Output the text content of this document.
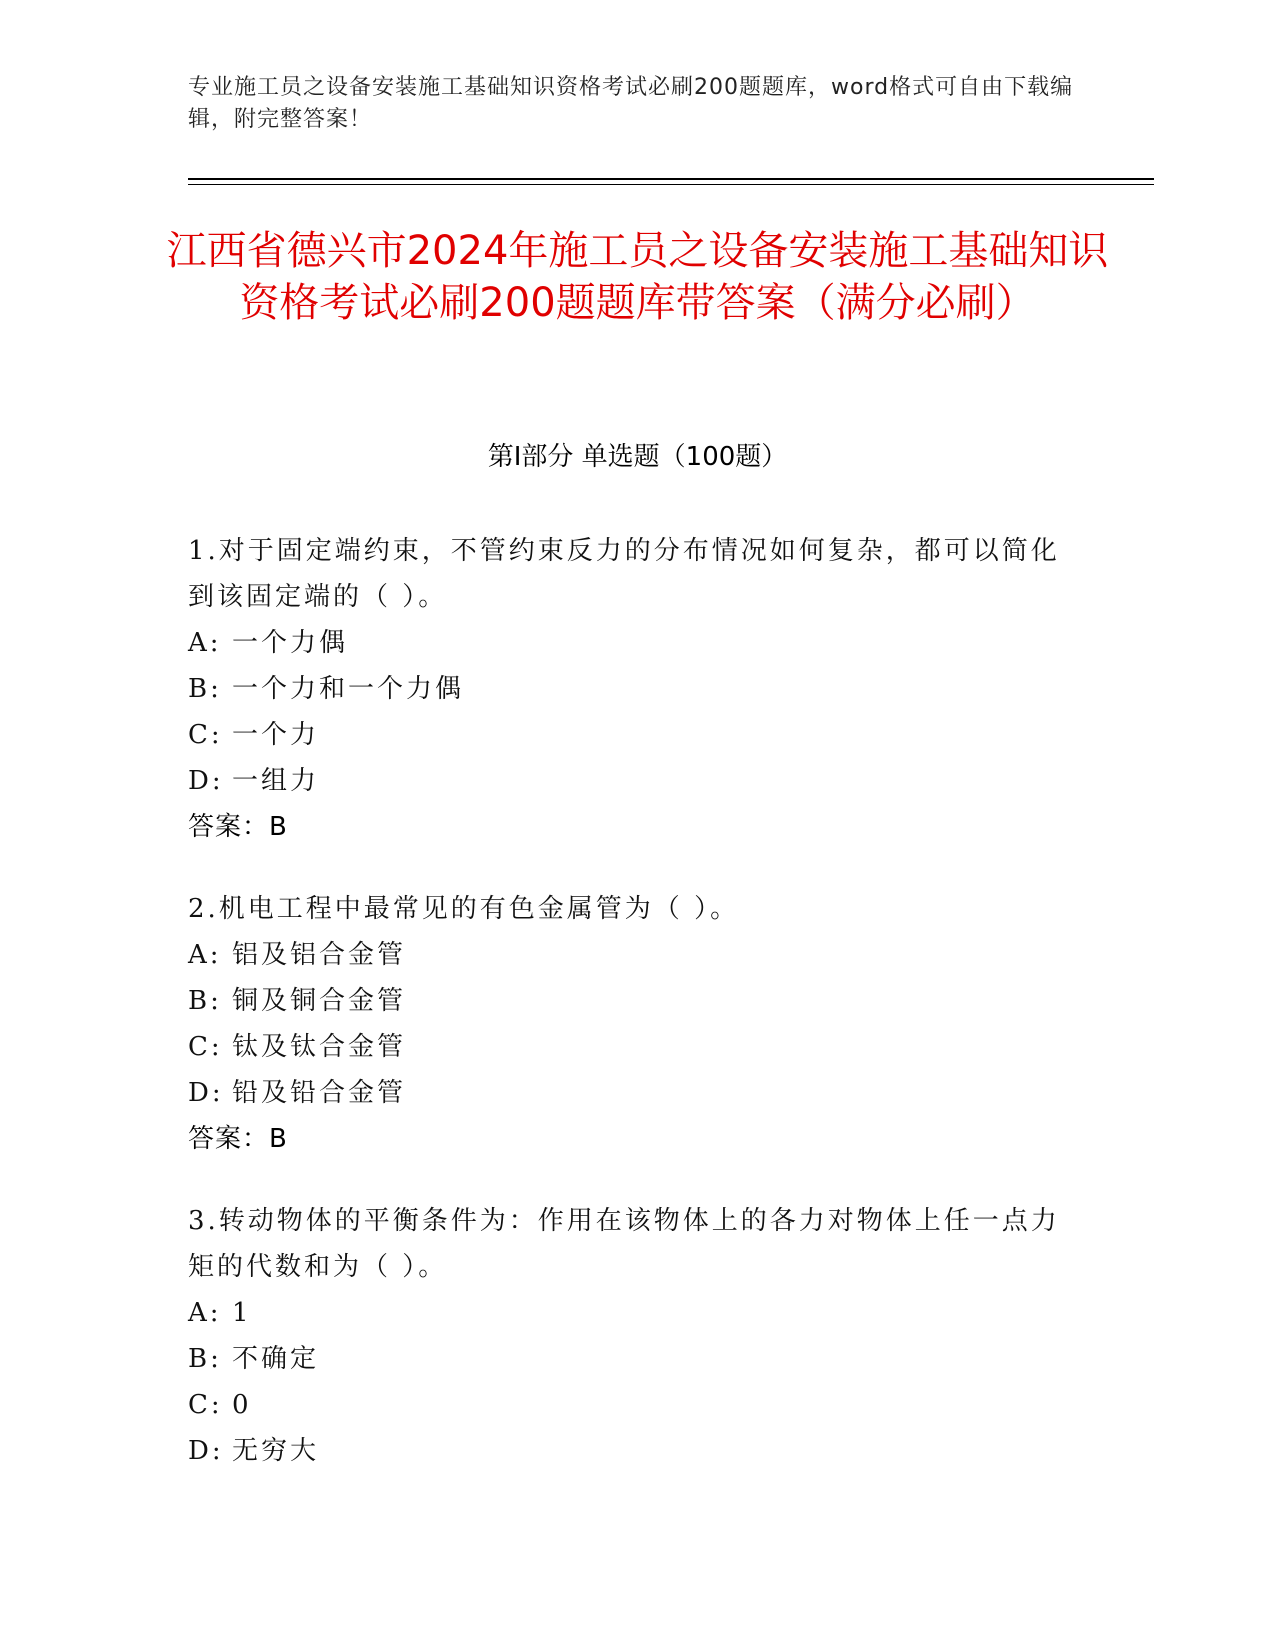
专业施工员之设备安装施工基础知识资格考试必刷200题题库，word格式可自由下载编辑，附完整答案！
江西省德兴市2024年施工员之设备安装施工基础知识资格考试必刷200题题库带答案（满分必刷）
第Ⅰ部分 单选题（100题）
1.对于固定端约束，不管约束反力的分布情况如何复杂，都可以简化到该固定端的（ ）。
A: 一个力偶
B: 一个力和一个力偶
C: 一个力
D: 一组力
答案：B
2.机电工程中最常见的有色金属管为（ ）。
A: 铝及铝合金管
B: 铜及铜合金管
C: 钛及钛合金管
D: 铅及铅合金管
答案：B
3.转动物体的平衡条件为：作用在该物体上的各力对物体上任一点力矩的代数和为（ ）。
A: 1
B: 不确定
C: 0
D: 无穷大
